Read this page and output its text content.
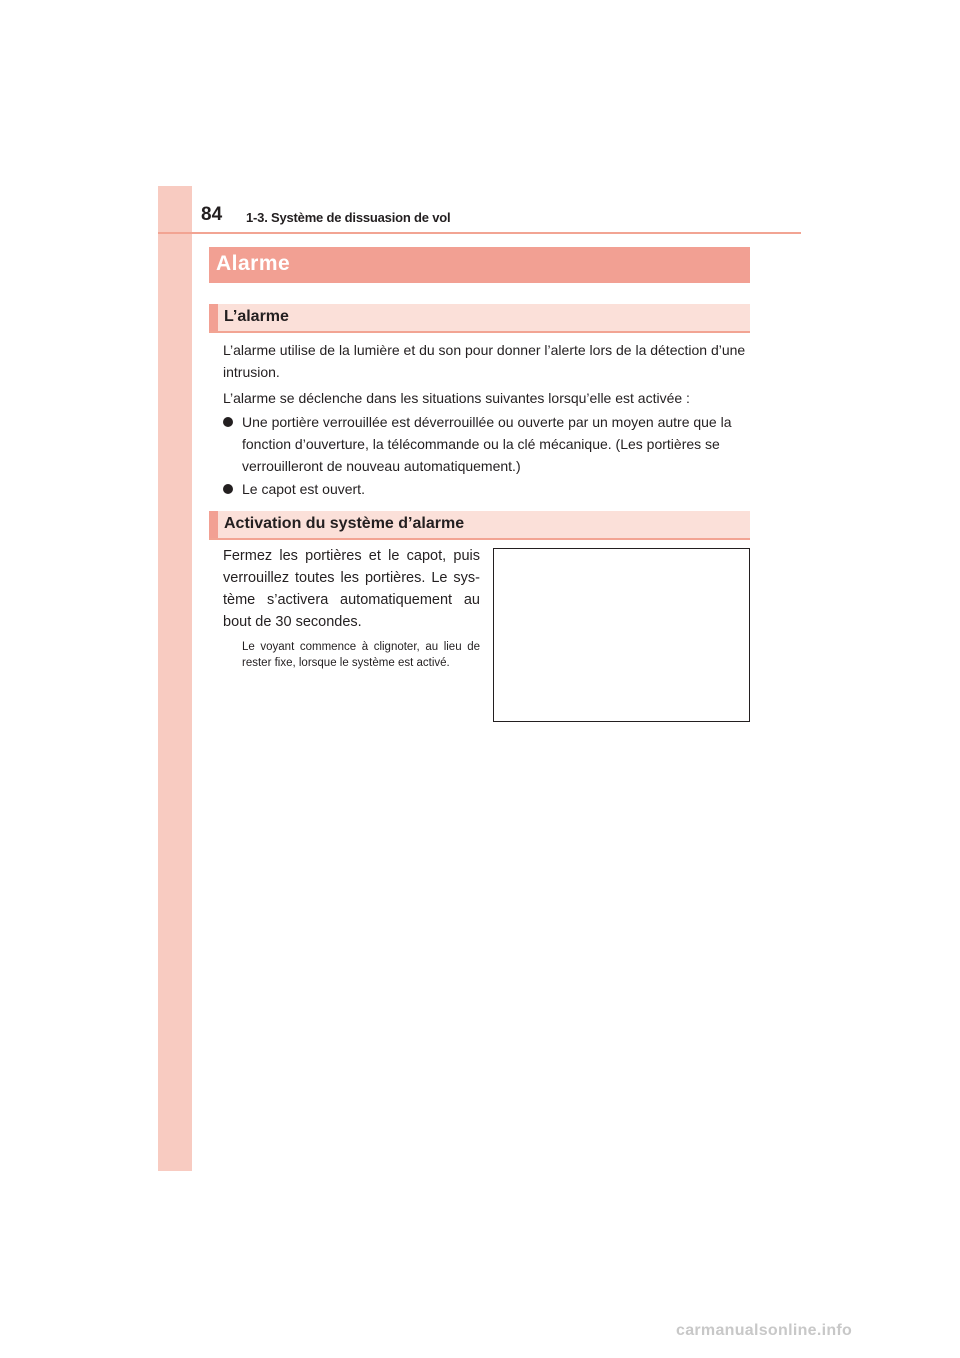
84 1-3. Système de dissuasion de vol
Alarme
L’alarme

L’alarme utilise de la lumière et du son pour donner l’alerte lors de la détection d’une intrusion.

L’alarme se déclenche dans les situations suivantes lorsqu’elle est activée :

Une portière verrouillée est déverrouillée ou ouverte par un moyen autre que la fonction d’ouverture, la télécommande ou la clé mécanique. (Les portières se verrouilleront de nouveau automatiquement.)
Le capot est ouvert.
Activation du système d’alarme
Fermez les portières et le capot, puis verrouillez toutes les portières. Le sys-tème s’activera automatiquement au bout de 30 secondes.
Le voyant commence à clignoter, au lieu de rester fixe, lorsque le système est activé.
carmanualsonline.info
